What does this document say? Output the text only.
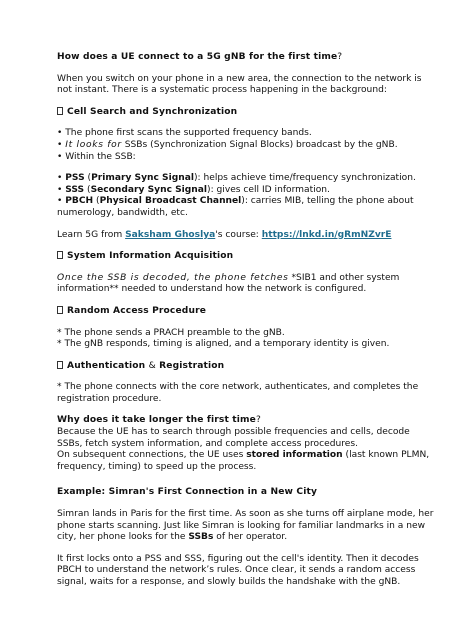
How does a UE connect to a 5G gNB for the first time?

When you switch on your phone in a new area, the connection to the network is not instant. There is a systematic process happening in the background:

Cell Search and Synchronization

• The phone first scans the supported frequency bands.

• It looks for SSBs (Synchronization Signal Blocks) broadcast by the gNB.

• Within the SSB:

• PSS (Primary Sync Signal): helps achieve time/frequency synchronization.

• SSS (Secondary Sync Signal): gives cell ID information.

• PBCH (Physical Broadcast Channel): carries MIB, telling the phone about numerology, bandwidth, etc.

Learn 5G from Saksham Ghoslya's course: https://lnkd.in/gRmNZvrE

System Information Acquisition

Once the SSB is decoded, the phone fetches *SIB1 and other system information** needed to understand how the network is configured.

Random Access Procedure

* The phone sends a PRACH preamble to the gNB.

* The gNB responds, timing is aligned, and a temporary identity is given.

Authentication & Registration

* The phone connects with the core network, authenticates, and completes the registration procedure.

Why does it take longer the first time?

Because the UE has to search through possible frequencies and cells, decode SSBs, fetch system information, and complete access procedures.

On subsequent connections, the UE uses stored information (last known PLMN, frequency, timing) to speed up the process.

Example: Simran's First Connection in a New City

Simran lands in Paris for the first time. As soon as she turns off airplane mode, her phone starts scanning. Just like Simran is looking for familiar landmarks in a new city, her phone looks for the SSBs of her operator.

It first locks onto a PSS and SSS, figuring out the cell's identity. Then it decodes PBCH to understand the network’s rules. Once clear, it sends a random access signal, waits for a response, and slowly builds the handshake with the gNB.
